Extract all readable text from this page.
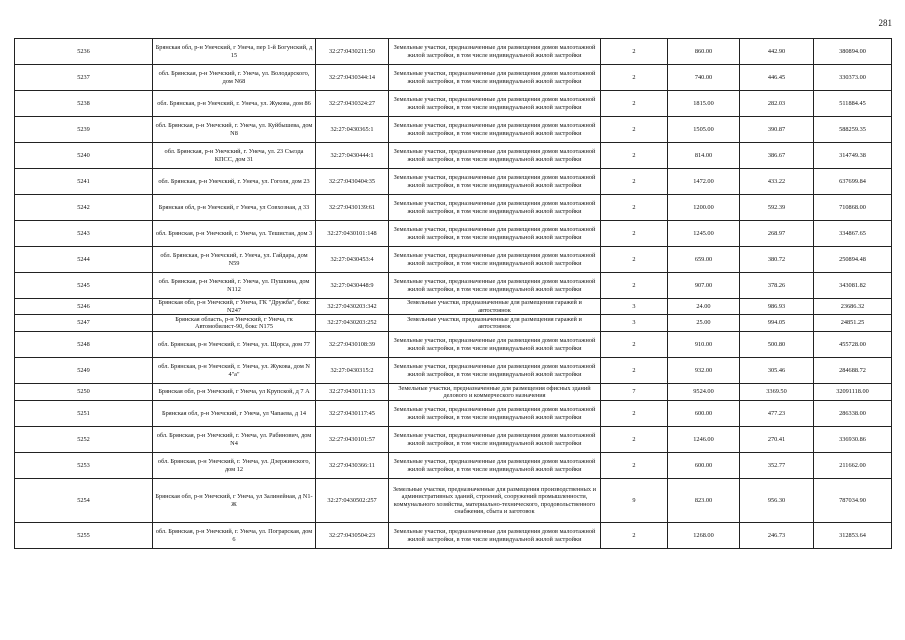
281
5236	Брянская обл, р-н Унечский, г Унеча, пер 1-й Богунский, д 15	32:27:0430211:50	Земельные участки, предназначенные для размещения домов малоэтажной жилой застройки, в том числе индивидуальной жилой застройки	2	860.00	442.90	380894.00
5237	обл. Брянская, р-н Унечский, г. Унеча, ул. Володарского, дом N68	32:27:0430344:14	Земельные участки, предназначенные для размещения домов малоэтажной жилой застройки, в том числе индивидуальной жилой застройки	2	740.00	446.45	330373.00
5238	обл. Брянская, р-н Унечский, г. Унеча, ул. Жукова, дом 86	32:27:0430324:27	Земельные участки, предназначенные для размещения домов малоэтажной жилой застройки, в том числе индивидуальной жилой застройки	2	1815.00	282.03	511884.45
5239	обл. Брянская, р-н Унечский, г. Унеча, ул. Куйбышева, дом N8	32:27:0430365:1	Земельные участки, предназначенные для размещения домов малоэтажной жилой застройки, в том числе индивидуальной жилой застройки	2	1505.00	390.87	588259.35
5240	обл. Брянская, р-н Унечский, г. Унеча, ул. 23 Съезда КПСС, дом 31	32:27:0430444:1	Земельные участки, предназначенные для размещения домов малоэтажной жилой застройки, в том числе индивидуальной жилой застройки	2	814.00	386.67	314749.38
5241	обл. Брянская, р-н Унечский, г. Унеча, ул. Гоголя, дом 23	32:27:0430404:35	Земельные участки, предназначенные для размещения домов малоэтажной жилой застройки, в том числе индивидуальной жилой застройки	2	1472.00	433.22	637699.84
5242	Брянская обл, р-н Унечский, г Унеча, ул Совхозная, д 33	32:27:0430139:61	Земельные участки, предназначенные для размещения домов малоэтажной жилой застройки, в том числе индивидуальной жилой застройки	2	1200.00	592.39	710868.00
5243	обл. Брянская, р-н Унечский, г. Унеча, ул. Тешистая, дом 3	32:27:0430101:148	Земельные участки, предназначенные для размещения домов малоэтажной жилой застройки, в том числе индивидуальной жилой застройки	2	1245.00	268.97	334867.65
5244	обл. Брянская, р-н Унечский, г. Унеча, ул. Гайдара, дом N59	32:27:0430453:4	Земельные участки, предназначенные для размещения домов малоэтажной жилой застройки, в том числе индивидуальной жилой застройки	2	659.00	380.72	250894.48
5245	обл. Брянская, р-н Унечский, г. Унеча, ул. Пушкина, дом N112	32:27:0430448:9	Земельные участки, предназначенные для размещения домов малоэтажной жилой застройки, в том числе индивидуальной жилой застройки	2	907.00	378.26	343081.82
5246	Брянская обл, р-н Унечский, г Унеча, ГК "Дружба", бокс N247	32:27:0430203:342	Земельные участки, предназначенные для размещения гаражей и автостоянок	3	24.00	986.93	23686.32
5247	Брянская область, р-н Унечский, г Унеча, гк Автомобилист-90, бокс N175	32:27:0430203:252	Земельные участки, предназначенные для размещения гаражей и автостоянок	3	25.00	994.05	24851.25
5248	обл. Брянская, р-н Унечский, г. Унеча, ул. Щорса, дом 77	32:27:0430108:39	Земельные участки, предназначенные для размещения домов малоэтажной жилой застройки, в том числе индивидуальной жилой застройки	2	910.00	500.80	455728.00
5249	обл. Брянская, р-н Унечский, г. Унеча, ул. Жукова, дом N 4"а"	32:27:0430315:2	Земельные участки, предназначенные для размещения домов малоэтажной жилой застройки, в том числе индивидуальной жилой застройки	2	932.00	305.46	284688.72
5250	Брянская обл, р-н Унечский, г Унеча, ул Крупской, д 7 А	32:27:0430111:13	Земельные участки, предназначенные для размещения офисных зданий делового и коммерческого назначения	7	9524.00	3369.50	32091118.00
5251	Брянская обл, р-н Унечский, г Унеча, ул Чапаева, д 14	32:27:0430117:45	Земельные участки, предназначенные для размещения домов малоэтажной жилой застройки, в том числе индивидуальной жилой застройки	2	600.00	477.23	286338.00
5252	обл. Брянская, р-н Унечский, г. Унеча, ул. Рабинович, дом N4	32:27:0430101:57	Земельные участки, предназначенные для размещения домов малоэтажной жилой застройки, в том числе индивидуальной жилой застройки	2	1246.00	270.41	336930.86
5253	обл. Брянская, р-н Унечский, г. Унеча, ул. Дзержинского, дом 12	32:27:0430366:11	Земельные участки, предназначенные для размещения домов малоэтажной жилой застройки, в том числе индивидуальной жилой застройки	2	600.00	352.77	211662.00
5254	Брянская обл, р-н Унечский, г Унеча, ул Залинейная, д N1-Ж	32:27:0430502:257	Земельные участки, предназначенные для размещения производственных и административных зданий, строений, сооружений промышленности, коммунального хозяйства, материально-технического, продовольственного снабжения, сбыта и заготовок	9	823.00	956.30	787034.90
5255	обл. Брянская, р-н Унечский, г. Унеча, ул. Пограрская, дом 6	32:27:0430504:23	Земельные участки, предназначенные для размещения домов малоэтажной жилой застройки, в том числе индивидуальной жилой застройки	2	1268.00	246.73	312853.64
